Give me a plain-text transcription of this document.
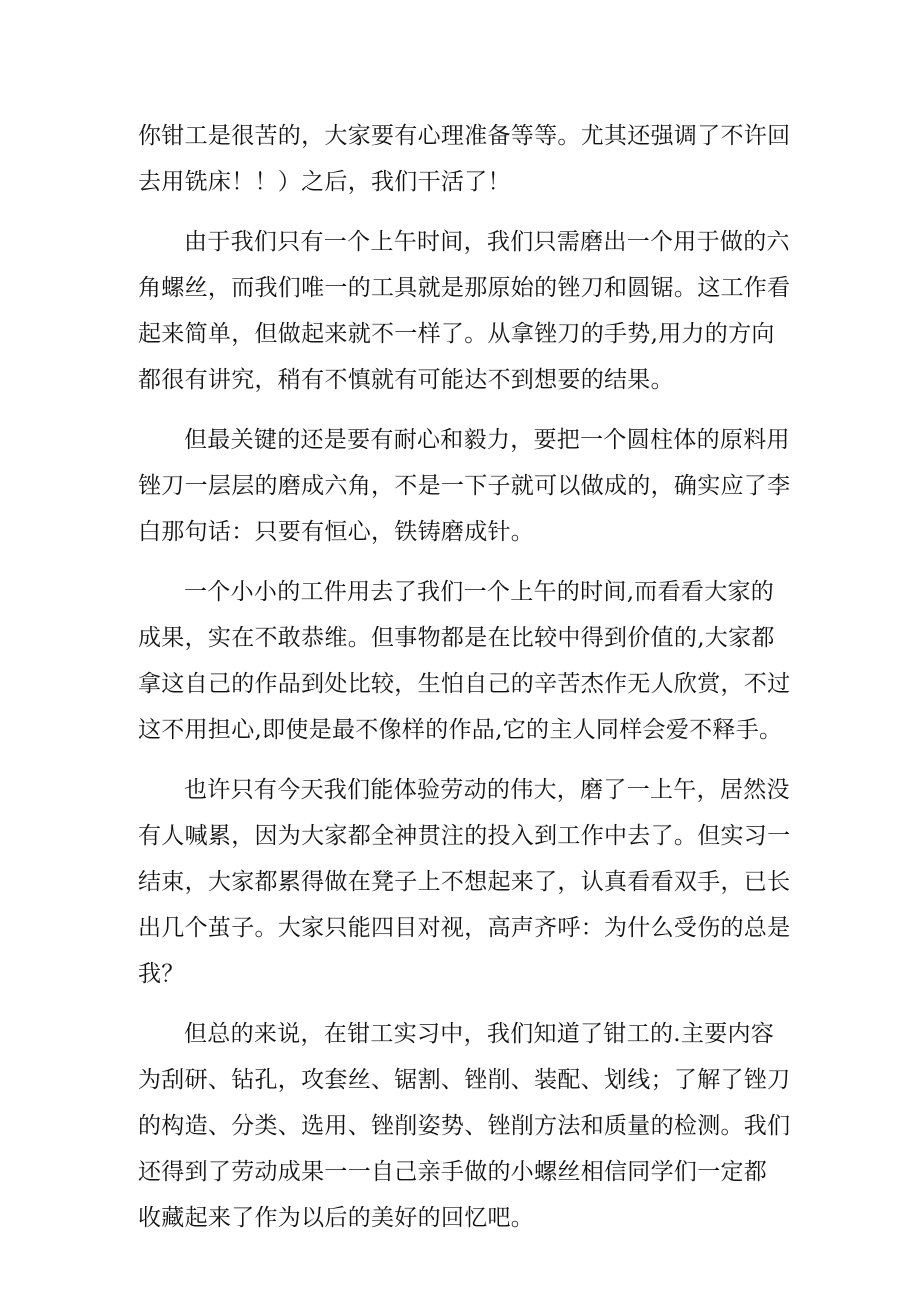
你钳工是很苦的，大家要有心理准备等等。尤其还强调了不许回
去用铣床！！）之后，我们干活了！
由于我们只有一个上午时间，我们只需磨出一个用于做的六
角螺丝，而我们唯一的工具就是那原始的锉刀和圆锯。这工作看
起来简单，但做起来就不一样了。从拿锉刀的手势,用力的方向
都很有讲究，稍有不慎就有可能达不到想要的结果。
但最关键的还是要有耐心和毅力，要把一个圆柱体的原料用
锉刀一层层的磨成六角，不是一下子就可以做成的，确实应了李
白那句话：只要有恒心，铁铸磨成针。
一个小小的工件用去了我们一个上午的时间,而看看大家的
成果，实在不敢恭维。但事物都是在比较中得到价值的,大家都
拿这自己的作品到处比较，生怕自己的辛苦杰作无人欣赏，不过
这不用担心,即使是最不像样的作品,它的主人同样会爱不释手。
也许只有今天我们能体验劳动的伟大，磨了一上午，居然没
有人喊累，因为大家都全神贯注的投入到工作中去了。但实习一
结束，大家都累得做在凳子上不想起来了，认真看看双手，已长
出几个茧子。大家只能四目对视，高声齐呼：为什么受伤的总是
我？
但总的来说，在钳工实习中，我们知道了钳工的.主要内容
为刮研、钻孔，攻套丝、锯割、锉削、装配、划线；了解了锉刀
的构造、分类、选用、锉削姿势、锉削方法和质量的检测。我们
还得到了劳动成果一一自己亲手做的小螺丝相信同学们一定都
收藏起来了作为以后的美好的回忆吧。
